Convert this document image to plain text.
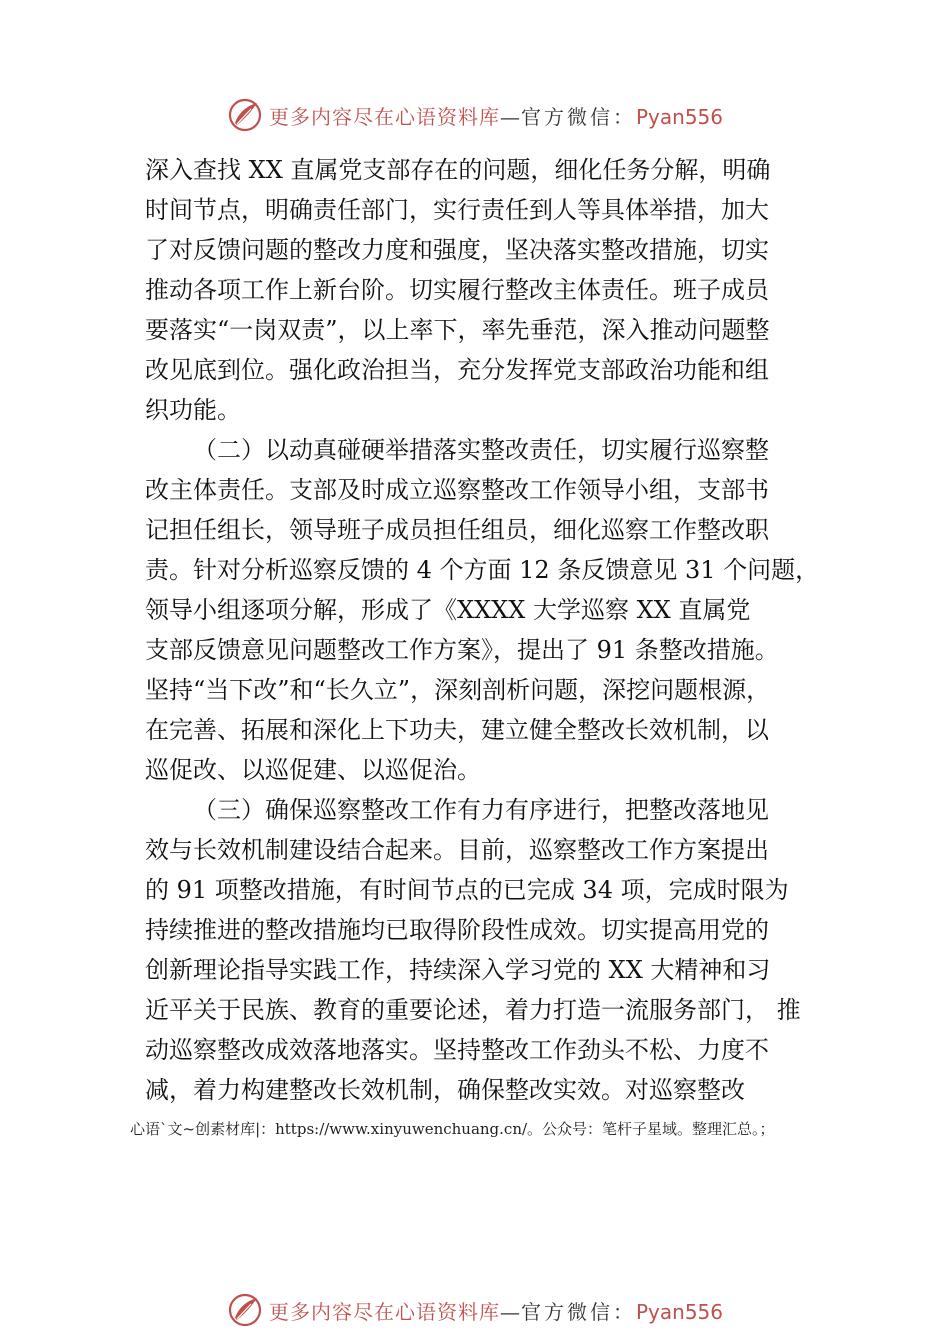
更多内容尽在心语资料库—官方微信：Pyan556
深入查找 XX 直属党支部存在的问题，细化任务分解，明确
时间节点，明确责任部门，实行责任到人等具体举措，加大
了对反馈问题的整改力度和强度，坚决落实整改措施，切实
推动各项工作上新台阶。切实履行整改主体责任。班子成员
要落实“一岗双责”，以上率下，率先垂范，深入推动问题整
改见底到位。强化政治担当，充分发挥党支部政治功能和组
织功能。
（二）以动真碰硬举措落实整改责任，切实履行巡察整
改主体责任。支部及时成立巡察整改工作领导小组，支部书
记担任组长，领导班子成员担任组员，细化巡察工作整改职
责。针对分析巡察反馈的 4 个方面 12 条反馈意见 31 个问题，
领导小组逐项分解，形成了《XXXX 大学巡察 XX 直属党
支部反馈意见问题整改工作方案》，提出了 91 条整改措施。
坚持“当下改”和“长久立”，深刻剖析问题，深挖问题根源，
在完善、拓展和深化上下功夫，建立健全整改长效机制，以
巡促改、以巡促建、以巡促治。
（三）确保巡察整改工作有力有序进行，把整改落地见
效与长效机制建设结合起来。目前，巡察整改工作方案提出
的 91 项整改措施，有时间节点的已完成 34 项，完成时限为
持续推进的整改措施均已取得阶段性成效。切实提高用党的
创新理论指导实践工作，持续深入学习党的 XX 大精神和习
近平关于民族、教育的重要论述，着力打造一流服务部门， 推
动巡察整改成效落地落实。坚持整改工作劲头不松、力度不
减，着力构建整改长效机制，确保整改实效。对巡察整改
心语`文~创素材库|：https://www.xinyuwenchuang.cn/。公众号：笔杆子星域。整理汇总。；
更多内容尽在心语资料库—官方微信：Pyan556
